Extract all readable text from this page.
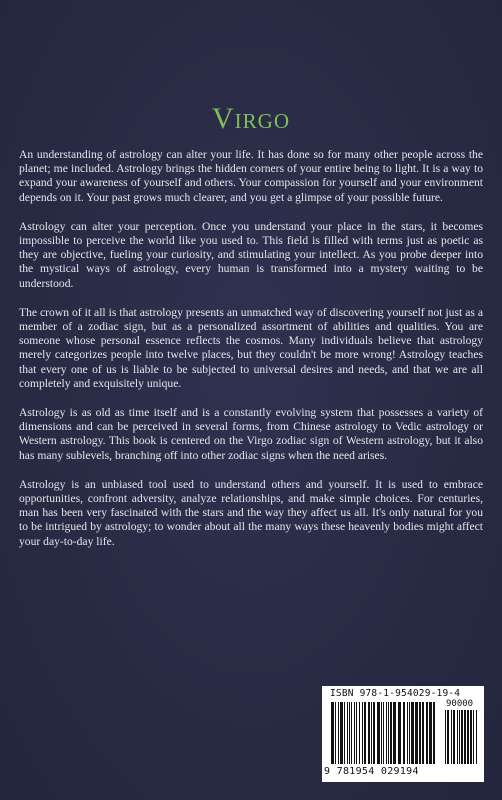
Virgo

An understanding of astrology can alter your life. It has done so for many other people across the planet; me included. Astrology brings the hidden corners of your entire being to light. It is a way to expand your awareness of yourself and others. Your compassion for yourself and your environment depends on it. Your past grows much clearer, and you get a glimpse of your possible future.

Astrology can alter your perception. Once you understand your place in the stars, it becomes impossible to perceive the world like you used to. This field is filled with terms just as poetic as they are objective, fueling your curiosity, and stimulating your intellect. As you probe deeper into the mystical ways of astrology, every human is transformed into a mystery waiting to be understood.

The crown of it all is that astrology presents an unmatched way of discovering yourself not just as a member of a zodiac sign, but as a personalized assortment of abilities and qualities. You are someone whose personal essence reflects the cosmos. Many individuals believe that astrology merely categorizes people into twelve places, but they couldn't be more wrong! Astrology teaches that every one of us is liable to be subjected to universal desires and needs, and that we are all completely and exquisitely unique.

Astrology is as old as time itself and is a constantly evolving system that possesses a variety of dimensions and can be perceived in several forms, from Chinese astrology to Vedic astrology or Western astrology. This book is centered on the Virgo zodiac sign of Western astrology, but it also has many sublevels, branching off into other zodiac signs when the need arises.

Astrology is an unbiased tool used to understand others and yourself. It is used to embrace opportunities, confront adversity, analyze relationships, and make simple choices. For centuries, man has been very fascinated with the stars and the way they affect us all. It's only natural for you to be intrigued by astrology; to wonder about all the many ways these heavenly bodies might affect your day-to-day life.

ISBN 978-1-954029-19-4
90000
9 781954 029194
